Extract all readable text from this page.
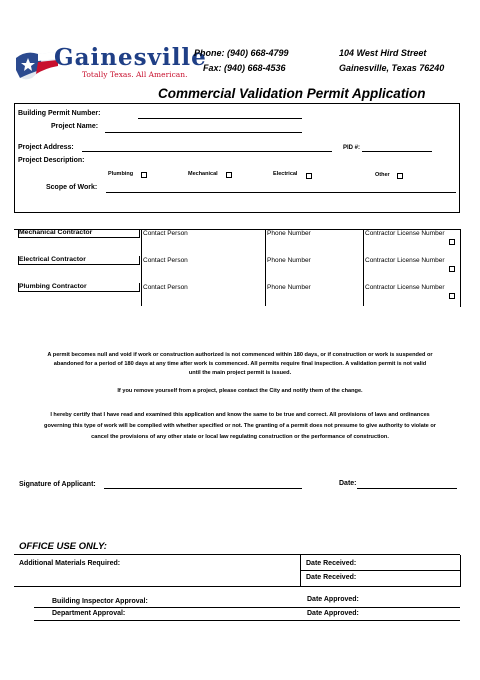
Gainesville
Totally Texas. All American.
Phone: (940) 668-4799
Fax: (940) 668-4536
104 West Hird Street
Gainesville, Texas 76240
Commercial Validation Permit Application
Building Permit Number:
Project Name:
Project Address:	PID #:
Project Description:
Plumbing	Mechanical	Electrical	Other
Scope of Work:
Mechanical Contractor	Contact Person	Phone Number	Contractor License Number
Electrical Contractor	Contact Person	Phone Number	Contractor License Number
Plumbing Contractor	Contact Person	Phone Number	Contractor License Number
A permit becomes null and void if work or construction authorized is not commenced within 180 days, or if construction or work is suspended or
abandoned for a period of 180 days at any time after work is commenced. All permits require final inspection. A validation permit is not valid
until the main project permit is issued.
If you remove yourself from a project, please contact the City and notify them of the change.
I hereby certify that I have read and examined this application and know the same to be true and correct. All provisions of laws and ordinances
governing this type of work will be complied with whether specified or not. The granting of a permit does not presume to give authority to violate or
cancel the provisions of any other state or local law regulating construction or the performance of construction.
Signature of Applicant:	Date:
OFFICE USE ONLY:
Additional Materials Required:	Date Received:
Date Received:
Building Inspector Approval:	Date Approved:
Department Approval:	Date Approved:
